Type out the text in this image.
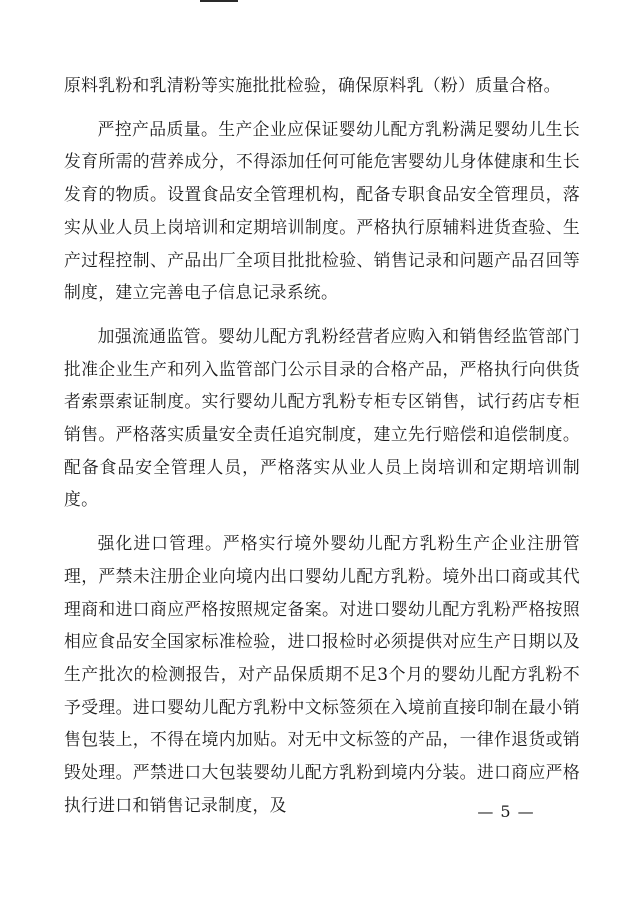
原料乳粉和乳清粉等实施批批检验，确保原料乳（粉）质量合格。

严控产品质量。生产企业应保证婴幼儿配方乳粉满足婴幼儿生长发育所需的营养成分，不得添加任何可能危害婴幼儿身体健康和生长发育的物质。设置食品安全管理机构，配备专职食品安全管理员，落实从业人员上岗培训和定期培训制度。严格执行原辅料进货查验、生产过程控制、产品出厂全项目批批检验、销售记录和问题产品召回等制度，建立完善电子信息记录系统。

加强流通监管。婴幼儿配方乳粉经营者应购入和销售经监管部门批准企业生产和列入监管部门公示目录的合格产品，严格执行向供货者索票索证制度。实行婴幼儿配方乳粉专柜专区销售，试行药店专柜销售。严格落实质量安全责任追究制度，建立先行赔偿和追偿制度。配备食品安全管理人员，严格落实从业人员上岗培训和定期培训制度。

强化进口管理。严格实行境外婴幼儿配方乳粉生产企业注册管理，严禁未注册企业向境内出口婴幼儿配方乳粉。境外出口商或其代理商和进口商应严格按照规定备案。对进口婴幼儿配方乳粉严格按照相应食品安全国家标准检验，进口报检时必须提供对应生产日期以及生产批次的检测报告，对产品保质期不足3个月的婴幼儿配方乳粉不予受理。进口婴幼儿配方乳粉中文标签须在入境前直接印制在最小销售包装上，不得在境内加贴。对无中文标签的产品，一律作退货或销毁处理。严禁进口大包装婴幼儿配方乳粉到境内分装。进口商应严格执行进口和销售记录制度，及	— 5 —
